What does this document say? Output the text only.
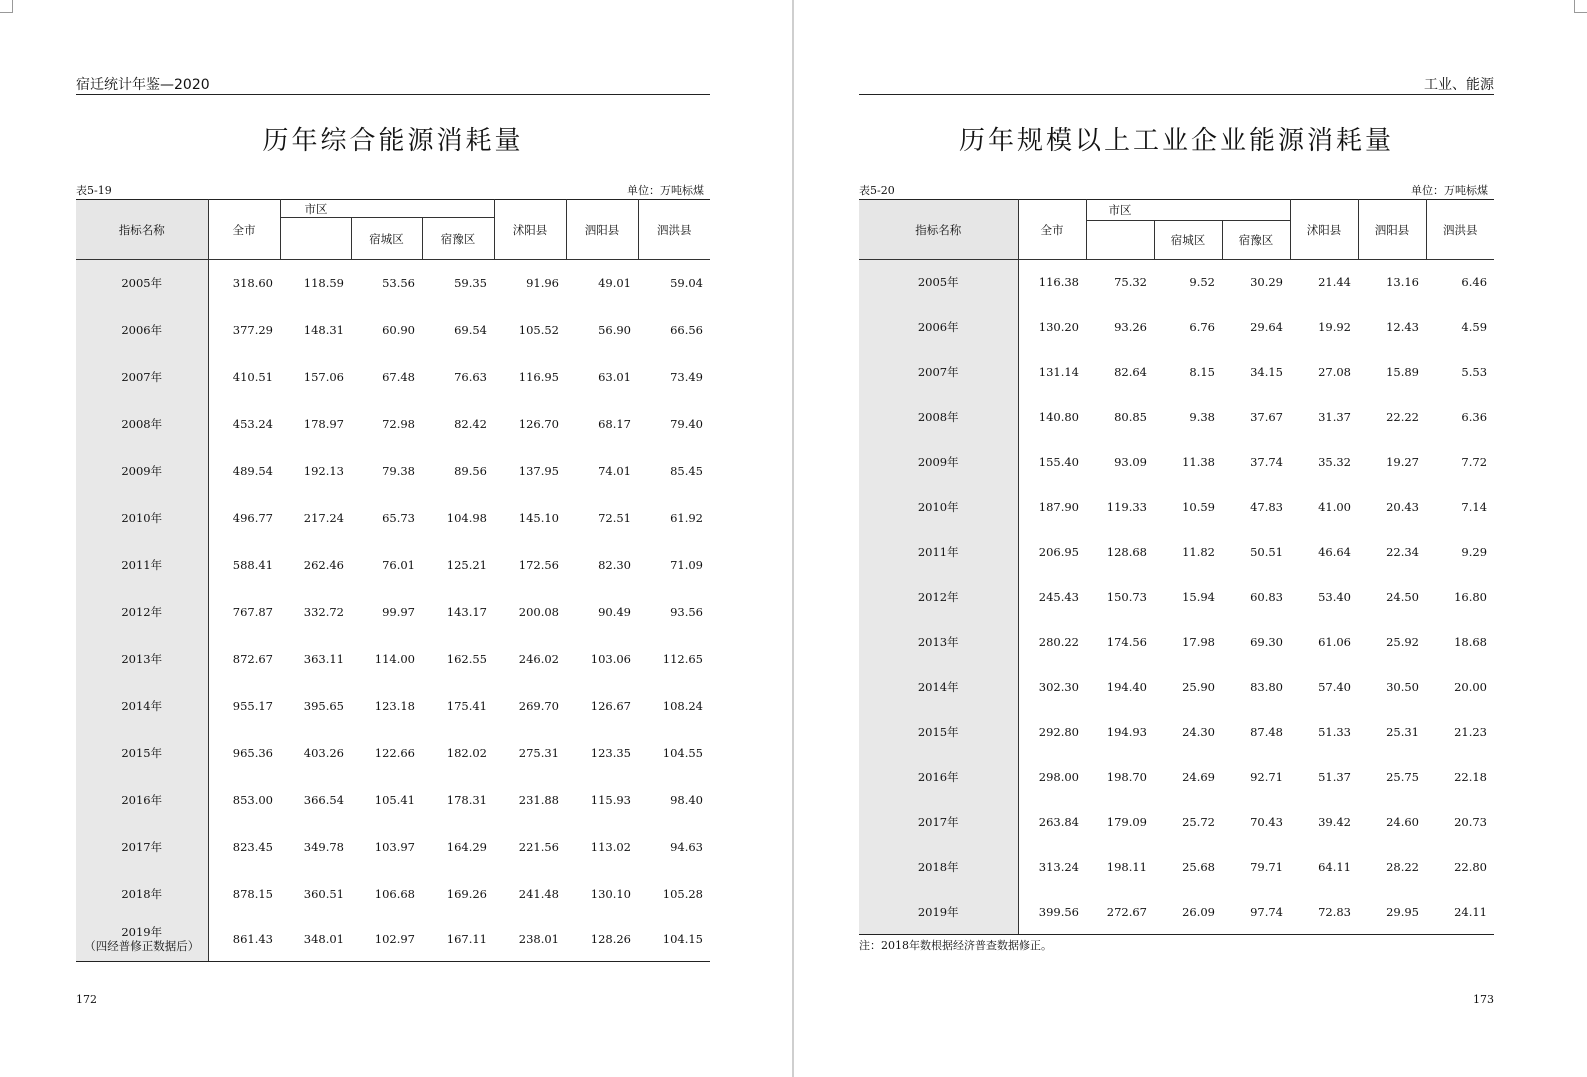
宿迁统计年鉴—2020
历年综合能源消耗量
表5-19	单位：万吨标煤
指标名称	全市	市区			沭阳县	泗阳县	泗洪县
			宿城区	宿豫区			
2005年	318.60	118.59	53.56	59.35	91.96	49.01	59.04
2006年	377.29	148.31	60.90	69.54	105.52	56.90	66.56
2007年	410.51	157.06	67.48	76.63	116.95	63.01	73.49
2008年	453.24	178.97	72.98	82.42	126.70	68.17	79.40
2009年	489.54	192.13	79.38	89.56	137.95	74.01	85.45
2010年	496.77	217.24	65.73	104.98	145.10	72.51	61.92
2011年	588.41	262.46	76.01	125.21	172.56	82.30	71.09
2012年	767.87	332.72	99.97	143.17	200.08	90.49	93.56
2013年	872.67	363.11	114.00	162.55	246.02	103.06	112.65
2014年	955.17	395.65	123.18	175.41	269.70	126.67	108.24
2015年	965.36	403.26	122.66	182.02	275.31	123.35	104.55
2016年	853.00	366.54	105.41	178.31	231.88	115.93	98.40
2017年	823.45	349.78	103.97	164.29	221.56	113.02	94.63
2018年	878.15	360.51	106.68	169.26	241.48	130.10	105.28

2019年
（四经普修正数据后）	861.43	348.01	102.97	167.11	238.01	128.26	104.15
172
工业、能源
历年规模以上工业企业能源消耗量
表5-20	单位：万吨标煤
指标名称	全市	市区			沭阳县	泗阳县	泗洪县
			宿城区	宿豫区			
2005年	116.38	75.32	9.52	30.29	21.44	13.16	6.46
2006年	130.20	93.26	6.76	29.64	19.92	12.43	4.59
2007年	131.14	82.64	8.15	34.15	27.08	15.89	5.53
2008年	140.80	80.85	9.38	37.67	31.37	22.22	6.36
2009年	155.40	93.09	11.38	37.74	35.32	19.27	7.72
2010年	187.90	119.33	10.59	47.83	41.00	20.43	7.14
2011年	206.95	128.68	11.82	50.51	46.64	22.34	9.29
2012年	245.43	150.73	15.94	60.83	53.40	24.50	16.80
2013年	280.22	174.56	17.98	69.30	61.06	25.92	18.68
2014年	302.30	194.40	25.90	83.80	57.40	30.50	20.00
2015年	292.80	194.93	24.30	87.48	51.33	25.31	21.23
2016年	298.00	198.70	24.69	92.71	51.37	25.75	22.18
2017年	263.84	179.09	25.72	70.43	39.42	24.60	20.73
2018年	313.24	198.11	25.68	79.71	64.11	28.22	22.80
2019年	399.56	272.67	26.09	97.74	72.83	29.95	24.11
注：2018年数根据经济普查数据修正。
173
